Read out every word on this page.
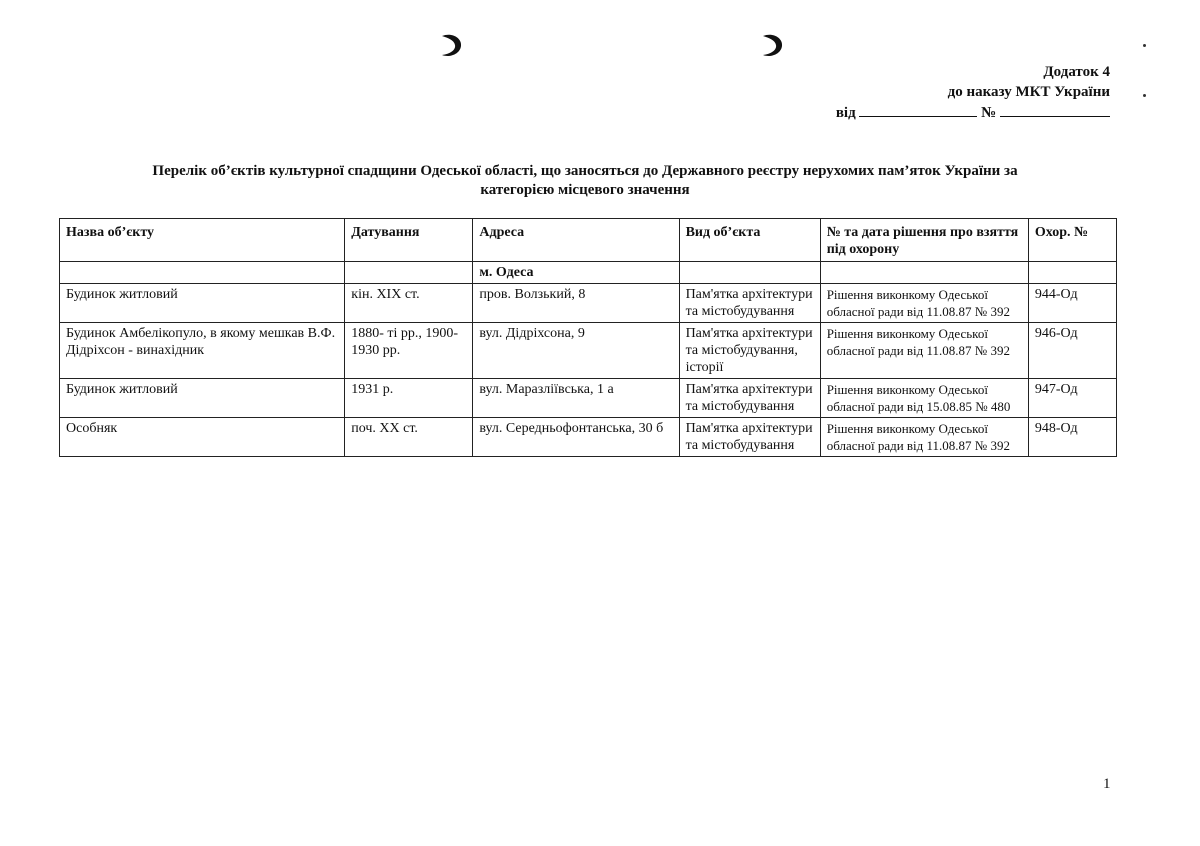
Додаток 4
до наказу МКТ України
від	№
Перелік об’єктів культурної спадщини Одеської області, що заносяться до Державного реєстру нерухомих пам’яток України за
категорією місцевого значення
Назва об’єкту	Датування	Адреса	Вид об’єкта	№ та дата рішення про взяття під охорону	Охор. №
		м. Одеса			
Будинок житловий	кін. XIX ст.	пров. Волзький, 8	Пам'ятка архітектури та містобудування	Рішення виконкому Одеської обласної ради від 11.08.87 № 392	944-Од
Будинок Амбелікопуло, в якому мешкав В.Ф. Дідріхсон - винахідник	1880- ті рр., 1900- 1930 рр.	вул. Дідріхсона, 9	Пам'ятка архітектури та містобудування, історії	Рішення виконкому Одеської обласної ради від 11.08.87 № 392	946-Од
Будинок житловий	1931 р.	вул. Маразліївська, 1 а	Пам'ятка архітектури та містобудування	Рішення виконкому Одеської обласної ради від 15.08.85 № 480	947-Од
Особняк	поч. XX ст.	вул. Середньофонтанська, 30 б	Пам'ятка архітектури та містобудування	Рішення виконкому Одеської обласної ради від 11.08.87 № 392	948-Од
1
